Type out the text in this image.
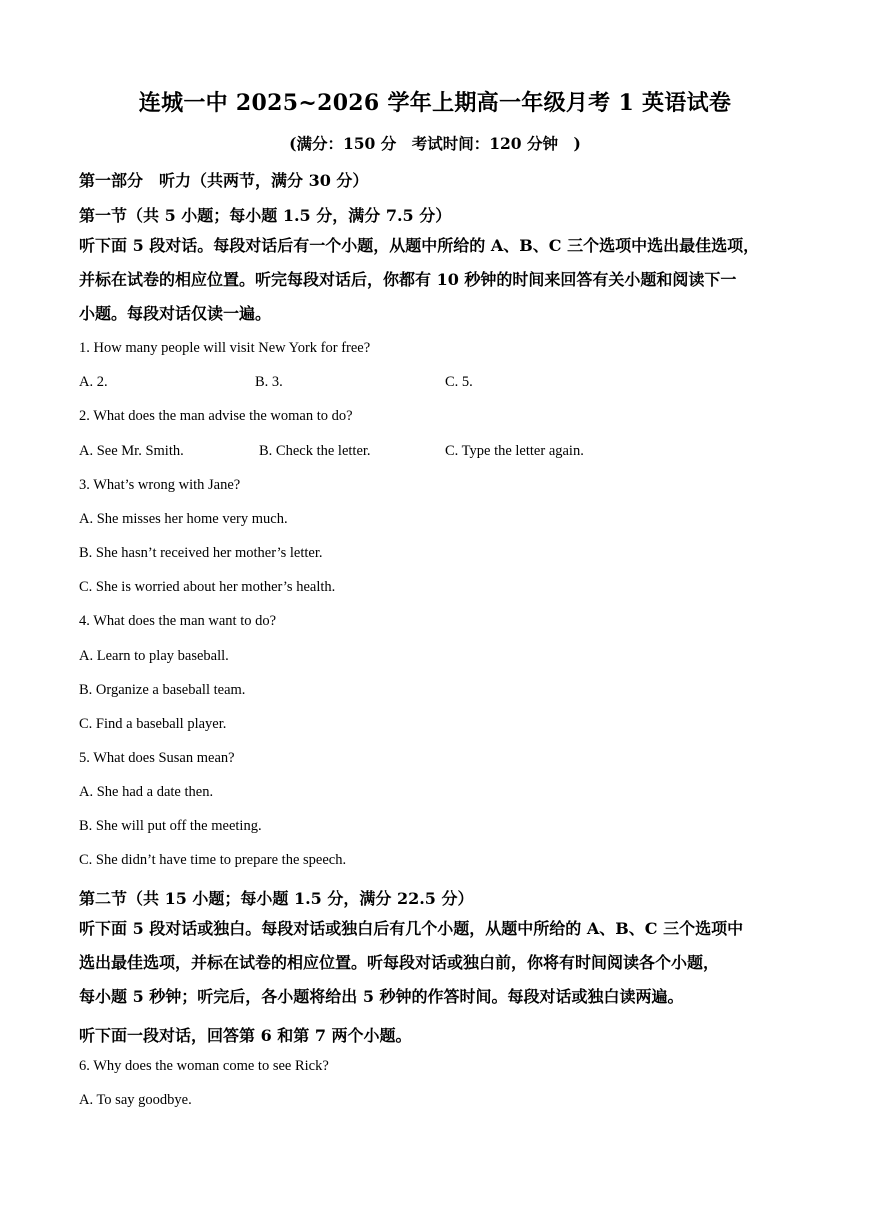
连城一中 2025~2026 学年上期高一年级月考 1 英语试卷
(满分：150 分　考试时间：120 分钟　)
第一部分　听力（共两节，满分 30 分）
第一节（共 5 小题；每小题 1.5 分，满分 7.5 分）
听下面 5 段对话。每段对话后有一个小题，从题中所给的 A、B、C 三个选项中选出最佳选项，
并标在试卷的相应位置。听完每段对话后，你都有 10 秒钟的时间来回答有关小题和阅读下一
小题。每段对话仅读一遍。
1. How many people will visit New York for free?
A. 2.	B. 3.	C. 5.
2. What does the man advise the woman to do?
A. See Mr. Smith.	B. Check the letter.	C. Type the letter again.
3. What’s wrong with Jane?
A. She misses her home very much.
B. She hasn’t received her mother’s letter.
C. She is worried about her mother’s health.
4. What does the man want to do?
A. Learn to play baseball.
B. Organize a baseball team.
C. Find a baseball player.
5. What does Susan mean?
A. She had a date then.
B. She will put off the meeting.
C. She didn’t have time to prepare the speech.
第二节（共 15 小题；每小题 1.5 分，满分 22.5 分）
听下面 5 段对话或独白。每段对话或独白后有几个小题，从题中所给的 A、B、C 三个选项中
选出最佳选项，并标在试卷的相应位置。听每段对话或独白前，你将有时间阅读各个小题，
每小题 5 秒钟；听完后，各小题将给出 5 秒钟的作答时间。每段对话或独白读两遍。
听下面一段对话，回答第 6 和第 7 两个小题。
6. Why does the woman come to see Rick?
A. To say goodbye.
